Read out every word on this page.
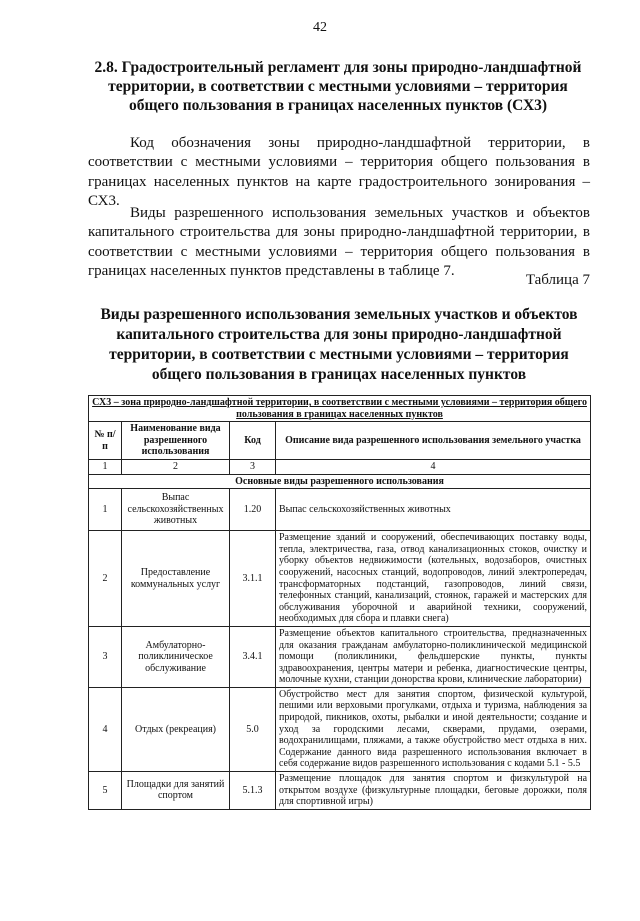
42
2.8. Градостроительный регламент для зоны природно-ландшафтной территории, в соответствии с местными условиями – территория общего пользования в границах населенных пунктов (СХ3)

Код обозначения зоны природно-ландшафтной территории, в соответствии с местными условиями – территория общего пользования в границах населенных пунктов на карте градостроительного зонирования – СХ3.

Виды разрешенного использования земельных участков и объектов капитального строительства для зоны природно-ландшафтной территории, в соответствии с местными условиями – территория общего пользования в границах населенных пунктов представлены в таблице 7.

Таблица 7
Виды разрешенного использования земельных участков и объектов капитального строительства для зоны природно-ландшафтной территории, в соответствии с местными условиями – территория общего пользования в границах населенных пунктов
СХ3 – зона природно-ландшафтной территории, в соответствии с местными условиями – территория общего пользования в границах населенных пунктов			
№ п/п	Наименование вида разрешенного использования	Код	Описание вида разрешенного использования земельного участка
1	2	3	4
Основные виды разрешенного использования			
1	Выпас сельскохозяйственных животных	1.20	Выпас сельскохозяйственных животных
2	Предоставление коммунальных услуг	3.1.1	Размещение зданий и сооружений, обеспечивающих поставку воды, тепла, электричества, газа, отвод канализационных стоков, очистку и уборку объектов недвижимости (котельных, водозаборов, очистных сооружений, насосных станций, водопроводов, линий электропередач, трансформаторных подстанций, газопроводов, линий связи, телефонных станций, канализаций, стоянок, гаражей и мастерских для обслуживания уборочной и аварийной техники, сооружений, необходимых для сбора и плавки снега)
3	Амбулаторно-поликлиническое обслуживание	3.4.1	Размещение объектов капитального строительства, предназначенных для оказания гражданам амбулаторно-поликлинической медицинской помощи (поликлиники, фельдшерские пункты, пункты здравоохранения, центры матери и ребенка, диагностические центры, молочные кухни, станции донорства крови, клинические лаборатории)
4	Отдых (рекреация)	5.0	Обустройство мест для занятия спортом, физической культурой, пешими или верховыми прогулками, отдыха и туризма, наблюдения за природой, пикников, охоты, рыбалки и иной деятельности; создание и уход за городскими лесами, скверами, прудами, озерами, водохранилищами, пляжами, а также обустройство мест отдыха в них. Содержание данного вида разрешенного использования включает в себя содержание видов разрешенного использования с кодами 5.1 - 5.5
5	Площадки для занятий спортом	5.1.3	Размещение площадок для занятия спортом и физкультурой на открытом воздухе (физкультурные площадки, беговые дорожки, поля для спортивной игры)
